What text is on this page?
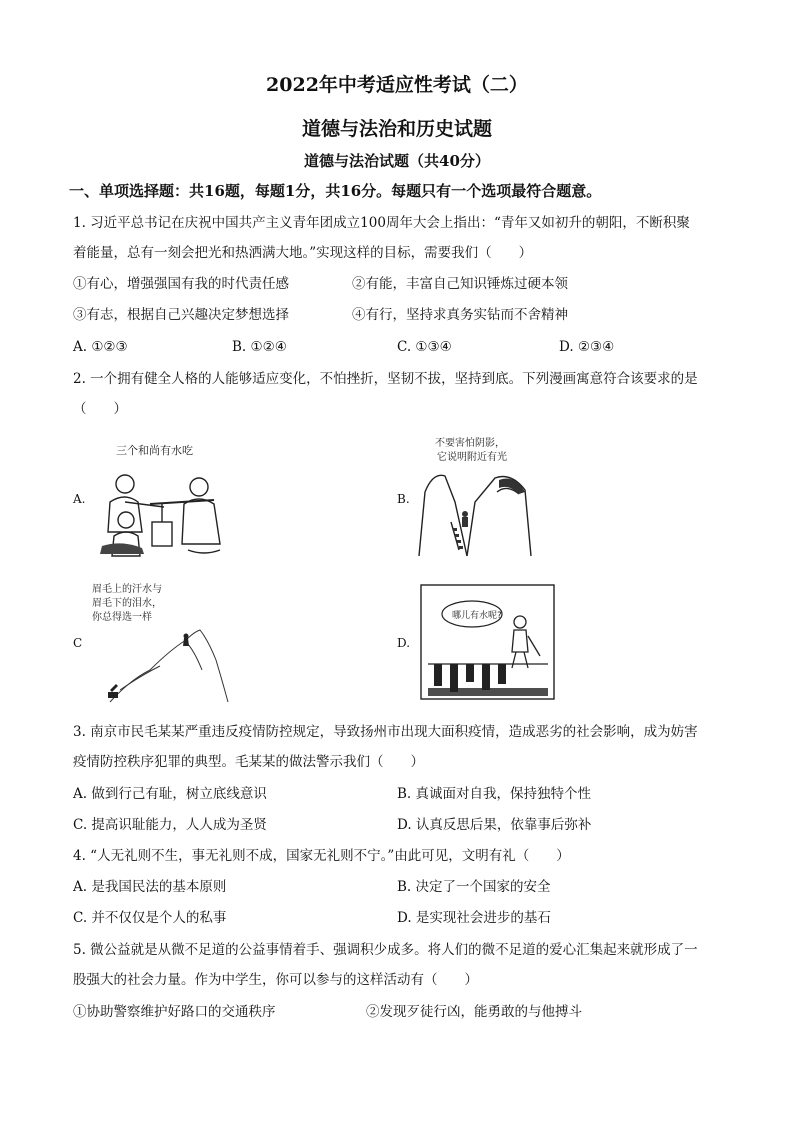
2022年中考适应性考试（二）
道德与法治和历史试题
道德与法治试题（共40分）
一、单项选择题：共16题，每题1分，共16分。每题只有一个选项最符合题意。
1. 习近平总书记在庆祝中国共产主义青年团成立100周年大会上指出：“青年又如初升的朝阳，不断积聚
着能量，总有一刻会把光和热洒满大地。”实现这样的目标，需要我们（　　）
①有心，增强强国有我的时代责任感	②有能，丰富自己知识锤炼过硬本领
③有志，根据自己兴趣决定梦想选择	④有行，坚持求真务实钻而不舍精神
A. ①②③	B. ①②④	C. ①③④	D. ②③④
2. 一个拥有健全人格的人能够适应变化，不怕挫折，坚韧不拔，坚持到底。下列漫画寓意符合该要求的是
（　　）
A.
三个和尚有水吃
B.
不要害怕阴影，
它说明附近有光
C
眉毛上的汗水与
眉毛下的泪水，
你总得选一样
D.
哪儿有水呢?
3. 南京市民毛某某严重违反疫情防控规定，导致扬州市出现大面积疫情，造成恶劣的社会影响，成为妨害
疫情防控秩序犯罪的典型。毛某某的做法警示我们（　　）
A. 做到行己有耻，树立底线意识	B. 真诚面对自我，保持独特个性
C. 提高识耻能力，人人成为圣贤	D. 认真反思后果，依靠事后弥补
4. “人无礼则不生，事无礼则不成，国家无礼则不宁。”由此可见，文明有礼（　　）
A. 是我国民法的基本原则	B. 决定了一个国家的安全
C. 并不仅仅是个人的私事	D. 是实现社会进步的基石
5. 微公益就是从微不足道的公益事情着手、强调积少成多。将人们的微不足道的爱心汇集起来就形成了一
股强大的社会力量。作为中学生，你可以参与的这样活动有（　　）
①协助警察维护好路口的交通秩序	②发现歹徒行凶，能勇敢的与他搏斗
